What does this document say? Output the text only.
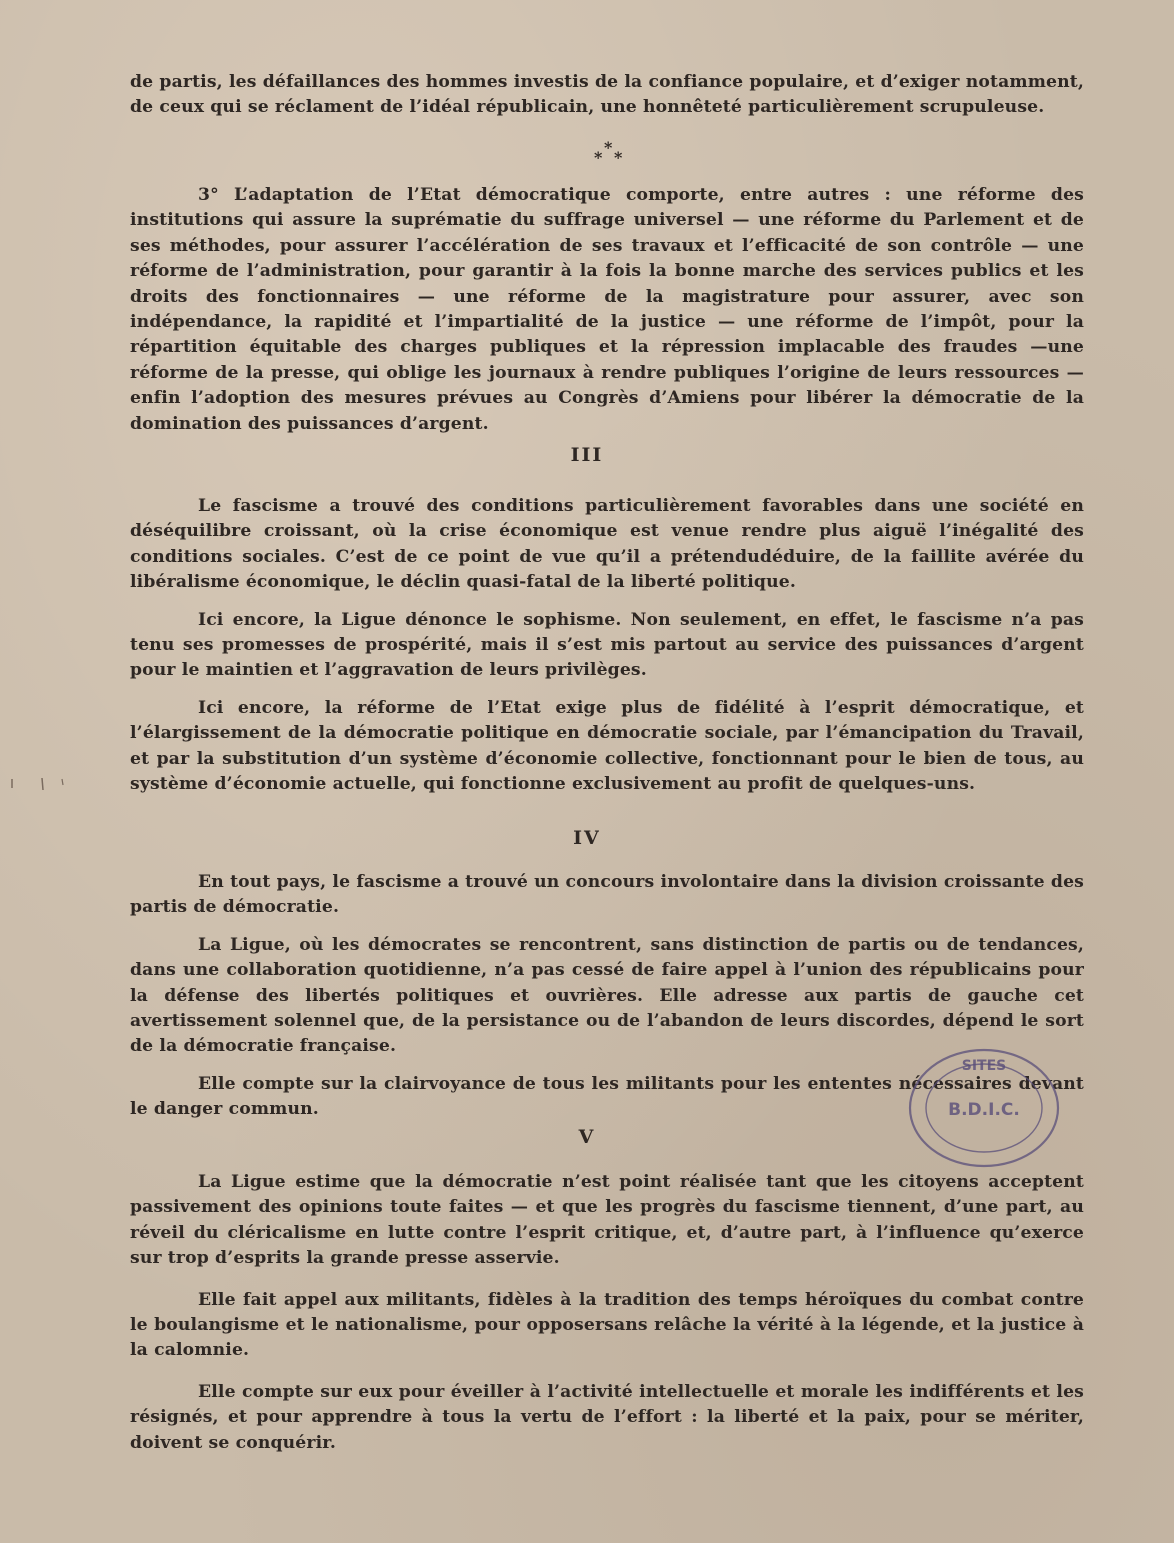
de partis, les défaillances des hommes investis de la confiance populaire, et d’exiger notamment, de ceux qui se réclament de l’idéal républicain, une honnêteté particulièrement scrupuleuse.

*
* *

3° L’adaptation de l’Etat démocratique comporte, entre autres : une réforme des institutions qui assure la suprématie du suffrage universel — une réforme du Parlement et de ses méthodes, pour assurer l’accélération de ses travaux et l’efficacité de son contrôle — une réforme de l’administration, pour garantir à la fois la bonne marche des services publics et les droits des fonctionnaires — une réforme de la magistrature pour assurer, avec son indépendance, la rapidité et l’impartialité de la justice — une réforme de l’impôt, pour la répartition équitable des charges publiques et la répression implacable des fraudes —une réforme de la presse, qui oblige les journaux à rendre publiques l’origine de leurs ressources — enfin l’adoption des mesures prévues au Congrès d’Amiens pour libérer la démocratie de la domination des puissances d’argent.

III

Le fascisme a trouvé des conditions particulièrement favorables dans une société en déséquilibre croissant, où la crise économique est venue rendre plus aiguë l’inégalité des conditions sociales. C’est de ce point de vue qu’il a prétendudéduire, de la faillite avérée du libéralisme économique, le déclin quasi-fatal de la liberté politique.

Ici encore, la Ligue dénonce le sophisme. Non seulement, en effet, le fascisme n’a pas tenu ses promesses de prospérité, mais il s’est mis partout au service des puissances d’argent pour le maintien et l’aggravation de leurs privilèges.

Ici encore, la réforme de l’Etat exige plus de fidélité à l’esprit démocratique, et l’élargissement de la démocratie politique en démocratie sociale, par l’émancipation du Travail, et par la substitution d’un système d’économie collective, fonctionnant pour le bien de tous, au système d’économie actuelle, qui fonctionne exclusivement au profit de quelques-uns.

IV

En tout pays, le fascisme a trouvé un concours involontaire dans la division croissante des partis de démocratie.

La Ligue, où les démocrates se rencontrent, sans distinction de partis ou de tendances, dans une collaboration quotidienne, n’a pas cessé de faire appel à l’union des républicains pour la défense des libertés politiques et ouvrières. Elle adresse aux partis de gauche cet avertissement solennel que, de la persistance ou de l’abandon de leurs discordes, dépend le sort de la démocratie française.

Elle compte sur la clairvoyance de tous les militants pour les ententes nécessaires devant le danger commun.

V

La Ligue estime que la démocratie n’est point réalisée tant que les citoyens acceptent passivement des opinions toute faites — et que les progrès du fascisme tiennent, d’une part, au réveil du cléricalisme en lutte contre l’esprit critique, et, d’autre part, à l’influence qu’exerce sur trop d’esprits la grande presse asservie.

Elle fait appel aux militants, fidèles à la tradition des temps héroïques du combat contre le boulangisme et le nationalisme, pour opposersans relâche la vérité à la légende, et la justice à la calomnie.

Elle compte sur eux pour éveiller à l’activité intellectuelle et morale les indifférents et les résignés, et pour apprendre à tous la vertu de l’effort : la liberté et la paix, pour se mériter, doivent se conquérir.

SITES
B.D.I.C.
